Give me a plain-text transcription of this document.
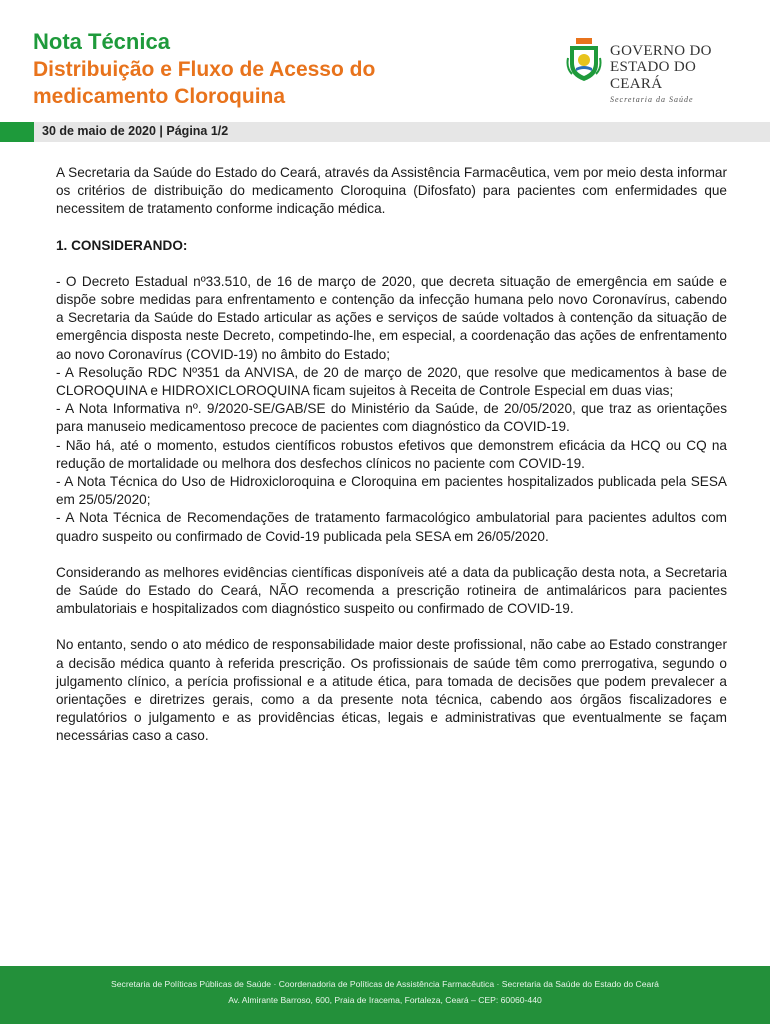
Nota Técnica
Distribuição e Fluxo de Acesso do
medicamento Cloroquina
GOVERNO DO
ESTADO DO CEARÁ
Secretaria da Saúde
30 de maio de 2020 | Página 1/2

A Secretaria da Saúde do Estado do Ceará, através da Assistência Farmacêutica, vem por meio desta informar os critérios de distribuição do medicamento Cloroquina (Difosfato) para pacientes com enfermidades que necessitem de tratamento conforme indicação médica.

1. CONSIDERANDO:

- O Decreto Estadual nº33.510, de 16 de março de 2020, que decreta situação de emergência em saúde e dispõe sobre medidas para enfrentamento e contenção da infecção humana pelo novo Coronavírus, cabendo a Secretaria da Saúde do Estado articular as ações e serviços de saúde voltados à contenção da situação de emergência disposta neste Decreto, competindo-lhe, em especial, a coordenação das ações de enfrentamento ao novo Coronavírus (COVID-19) no âmbito do Estado;

- A Resolução RDC Nº351 da ANVISA, de 20 de março de 2020, que resolve que medicamentos à base de CLOROQUINA e HIDROXICLOROQUINA ficam sujeitos à Receita de Controle Especial em duas vias;

- A Nota Informativa nº. 9/2020-SE/GAB/SE do Ministério da Saúde, de 20/05/2020, que traz as orientações para manuseio medicamentoso precoce de pacientes com diagnóstico da COVID-19.

- Não há, até o momento, estudos científicos robustos efetivos que demonstrem eficácia da HCQ ou CQ na redução de mortalidade ou melhora dos desfechos clínicos no paciente com COVID-19.

- A Nota Técnica do Uso de Hidroxicloroquina e Cloroquina em pacientes hospitalizados publicada pela SESA em 25/05/2020;

- A Nota Técnica de Recomendações de tratamento farmacológico ambulatorial para pacientes adultos com quadro suspeito ou confirmado de Covid-19 publicada pela SESA em 26/05/2020.

Considerando as melhores evidências científicas disponíveis até a data da publicação desta nota, a Secretaria de Saúde do Estado do Ceará, NÃO recomenda a prescrição rotineira de antimaláricos para pacientes ambulatoriais e hospitalizados com diagnóstico suspeito ou confirmado de COVID-19.

No entanto, sendo o ato médico de responsabilidade maior deste profissional, não cabe ao Estado constranger a decisão médica quanto à referida prescrição. Os profissionais de saúde têm como prerrogativa, segundo o julgamento clínico, a perícia profissional e a atitude ética, para tomada de decisões que podem prevalecer a orientações e diretrizes gerais, como a da presente nota técnica, cabendo aos órgãos fiscalizadores e regulatórios o julgamento e as providências éticas, legais e administrativas que eventualmente se façam necessárias caso a caso.

Secretaria de Políticas Públicas de Saúde · Coordenadoria de Políticas de Assistência Farmacêutica · Secretaria da Saúde do Estado do Ceará
Av. Almirante Barroso, 600, Praia de Iracema, Fortaleza, Ceará – CEP: 60060-440
